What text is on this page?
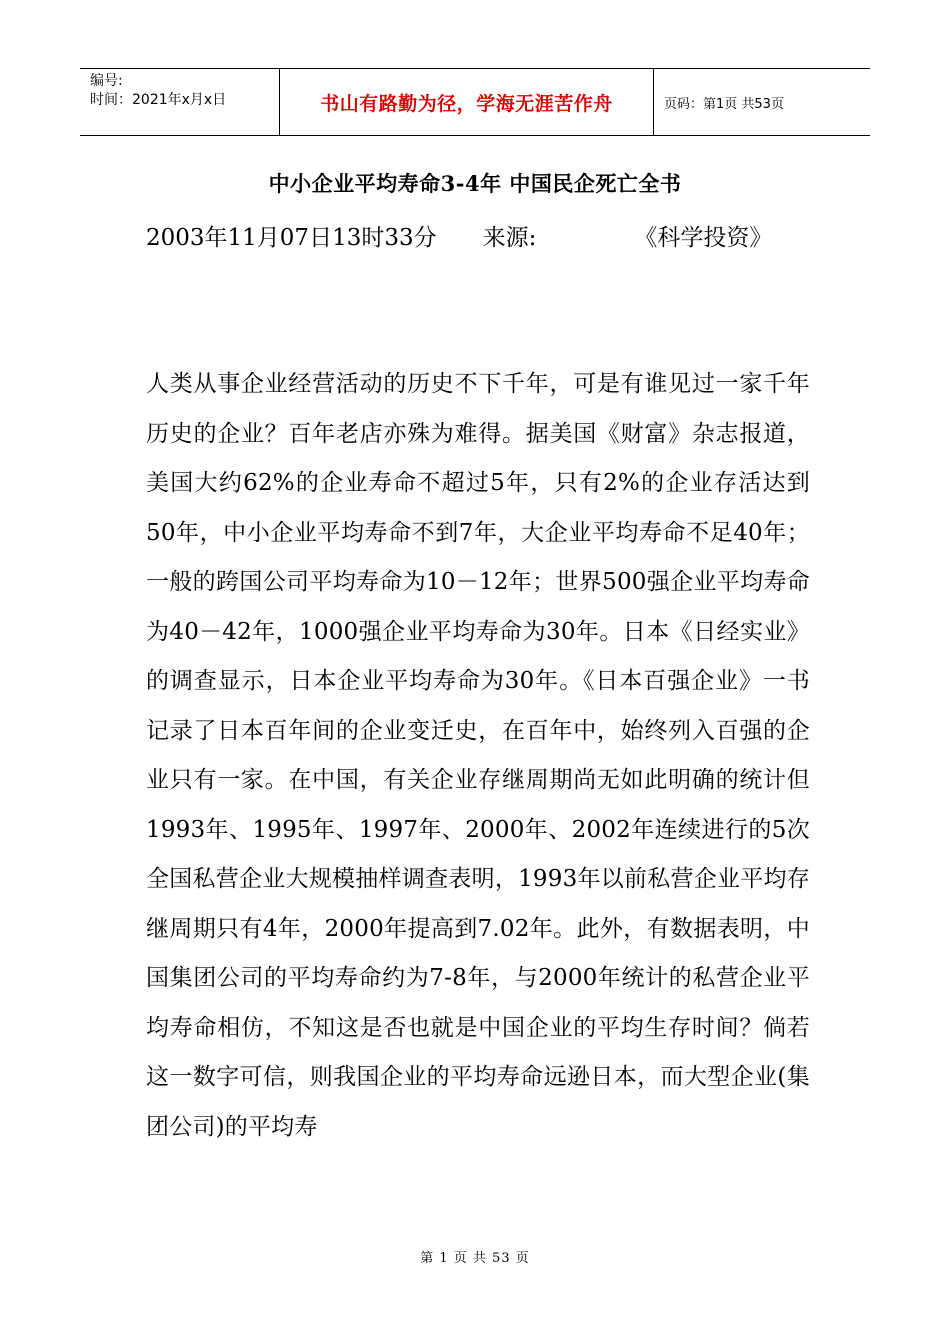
编号:
时间：2021年x月x日	书山有路勤为径，学海无涯苦作舟	页码：第1页 共53页
中小企业平均寿命3-4年 中国民企死亡全书
2003年11月07日13时33分 来源:	《科学投资》
人类从事企业经营活动的历史不下千年，可是有谁见过一家千年历史的企业？百年老店亦殊为难得。据美国《财富》杂志报道，美国大约62%的企业寿命不超过5年，只有2%的企业存活达到50年，中小企业平均寿命不到7年，大企业平均寿命不足40年；一般的跨国公司平均寿命为10－12年；世界500强企业平均寿命为40－42年，1000强企业平均寿命为30年。日本《日经实业》的调查显示，日本企业平均寿命为30年。《日本百强企业》一书记录了日本百年间的企业变迁史，在百年中，始终列入百强的企业只有一家。在中国，有关企业存继周期尚无如此明确的统计但1993年、1995年、1997年、2000年、2002年连续进行的5次全国私营企业大规模抽样调查表明，1993年以前私营企业平均存继周期只有4年，2000年提高到7.02年。此外，有数据表明，中国集团公司的平均寿命约为7-8年，与2000年统计的私营企业平均寿命相仿，不知这是否也就是中国企业的平均生存时间？倘若这一数字可信，则我国企业的平均寿命远逊日本，而大型企业(集团公司)的平均寿
第 1 页 共 53 页
